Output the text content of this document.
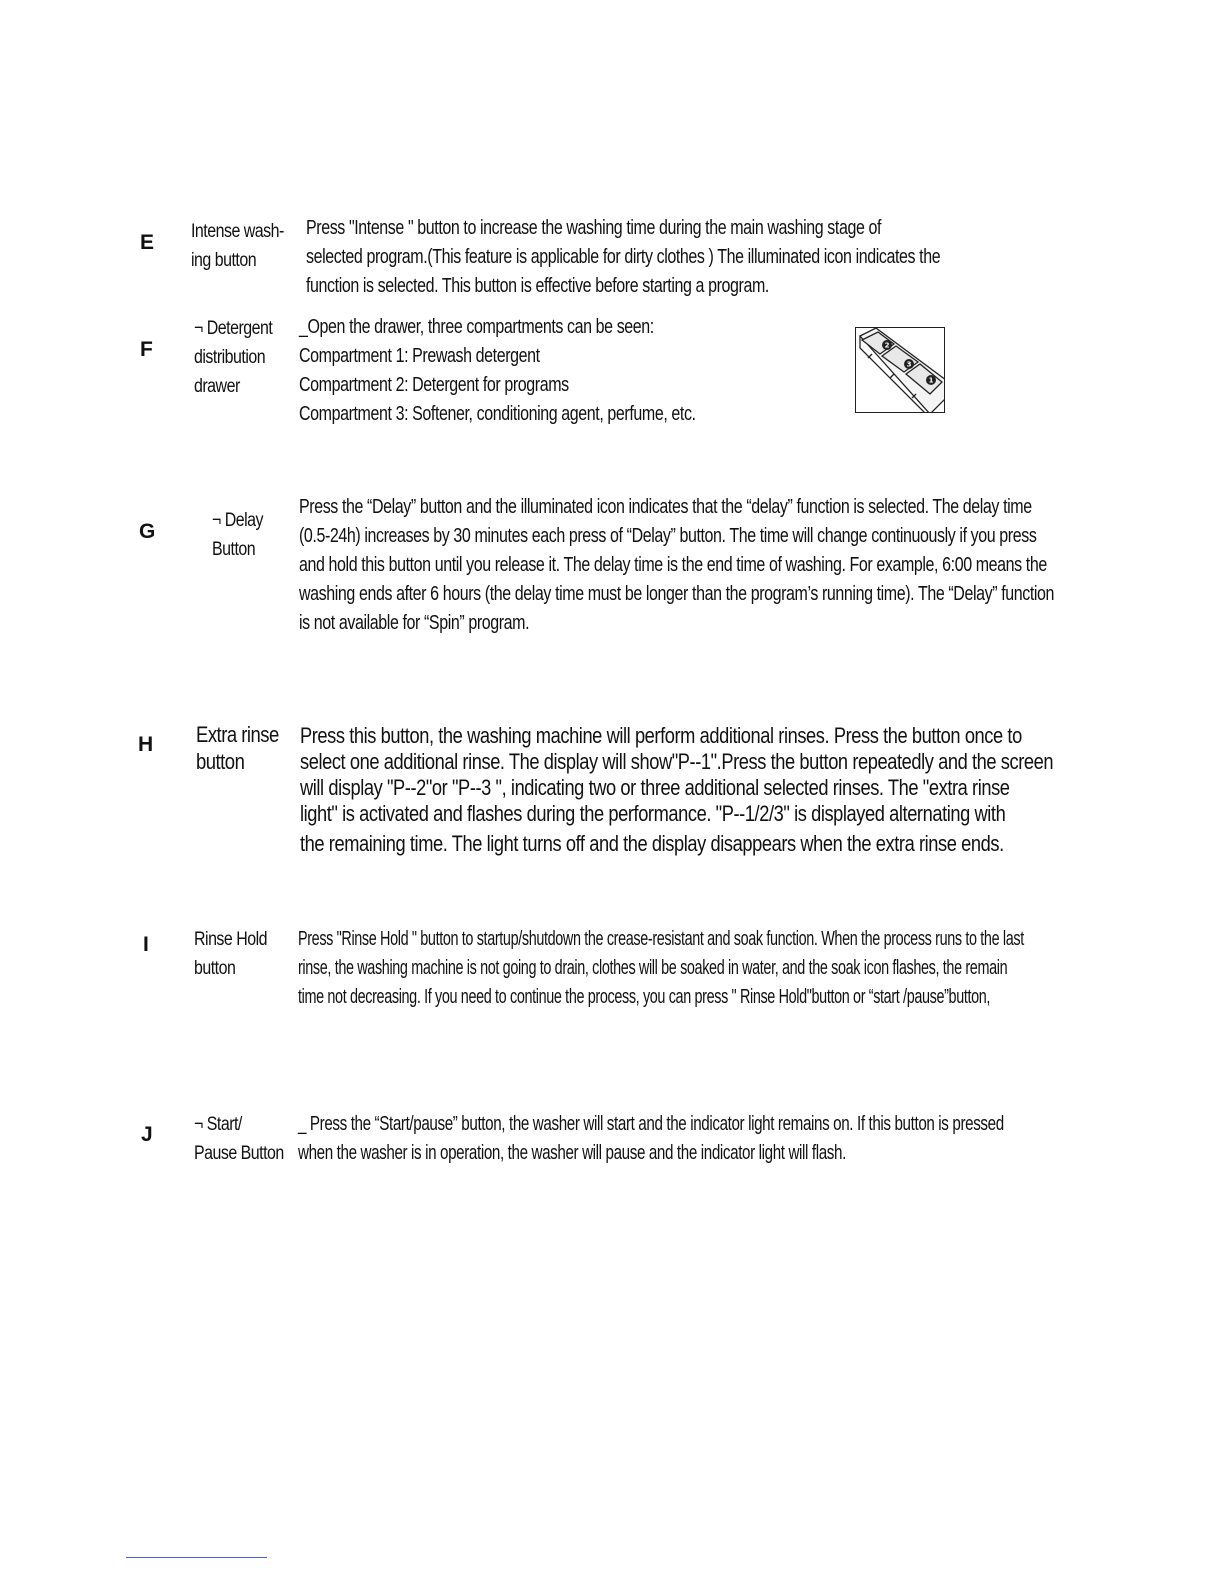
E Intense wash-
ing button
Press "Intense " button to increase the washing time during the main washing stage of
selected program.(This feature is applicable for dirty clothes ) The illuminated icon indicates the
function is selected. This button is effective before starting a program.
F
¬ Detergent
distribution
drawer
_Open the drawer, three compartments can be seen:
Compartment 1: Prewash detergent
Compartment 2: Detergent for programs
Compartment 3: Softener, conditioning agent, perfume, etc.
2
3
1
G	¬ Delay
Button
Press the “Delay” button and the illuminated icon indicates that the “delay” function is selected. The delay time
(0.5-24h) increases by 30 minutes each press of “Delay” button. The time will change continuously if you press
and hold this button until you release it. The delay time is the end time of washing. For example, 6:00 means the
washing ends after 6 hours (the delay time must be longer than the program’s running time). The “Delay” function
is not available for “Spin” program.
H Extra rinse
button
Press this button, the washing machine will perform additional rinses. Press the button once to
select one additional rinse. The display will show"P--1".Press the button repeatedly and the screen
will display "P--2"or "P--3 ", indicating two or three additional selected rinses. The "extra rinse
light" is activated and flashes during the performance. "P--1/2/3" is displayed alternating with
the remaining time. The light turns off and the display disappears when the extra rinse ends.
I Rinse Hold
button
Press "Rinse Hold " button to startup/shutdown the crease-resistant and soak function. When the process runs to the last
rinse, the washing machine is not going to drain, clothes will be soaked in water, and the soak icon flashes, the remain
time not decreasing. If you need to continue the process, you can press " Rinse Hold"button or “start /pause”button,
J ¬ Start/
Pause Button
_ Press the “Start/pause” button, the washer will start and the indicator light remains on. If this button is pressed
when the washer is in operation, the washer will pause and the indicator light will flash.
